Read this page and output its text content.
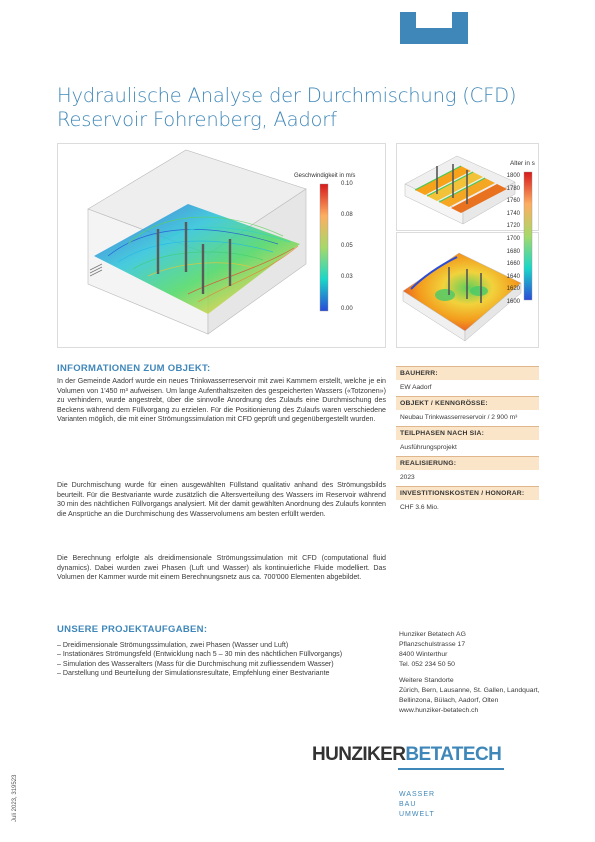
Hydraulische Analyse der Durchmischung (CFD)
Reservoir Fohrenberg, Aadorf
Geschwindigkeit in m/s
0.10
0.08
0.05
0.03
0.00
Alter in s
1800
1780
1760
1740
1720
1700
1680
1660
1640
1620
1600
INFORMATIONEN ZUM OBJEKT:

In der Gemeinde Aadorf wurde ein neues Trinkwasserreservoir mit zwei Kammern erstellt, welche je ein Volumen von 1'450 m³ aufweisen. Um lange Aufenthaltszeiten des gespeicherten Wassers («Totzonen») zu verhindern, wurde angestrebt, über die sinnvolle Anordnung des Zulaufs eine Durchmischung des Beckens während dem Füllvorgang zu erzielen. Für die Positionierung des Zulaufs waren verschiedene Varianten möglich, die mit einer Strömungssimulation mit CFD geprüft und gegenübergestellt wurden.

Die Durchmischung wurde für einen ausgewählten Füllstand qualitativ anhand des Strömungsbilds beurteilt. Für die Bestvariante wurde zusätzlich die Altersverteilung des Wassers im Reservoir während 30 min des nächtlichen Füllvorgangs analysiert. Mit der damit gewählten Anordnung des Zulaufs konnten die Ansprüche an die Durchmischung des Wasservolumens am besten erfüllt werden.

Die Berechnung erfolgte als dreidimensionale Strömungssimulation mit CFD (computational fluid dynamics). Dabei wurden zwei Phasen (Luft und Wasser) als kontinuierliche Fluide modelliert. Das Volumen der Kammer wurde mit einem Berechnungsnetz aus ca. 700'000 Elementen abgebildet.

BAUHERR:
EW Aadorf
OBJEKT / KENNGRÖSSE:
Neubau Trinkwasserreservoir / 2 900 m³
TEILPHASEN NACH SIA:
Ausführungsprojekt
REALISIERUNG:
2023
INVESTITIONSKOSTEN / HONORAR:
CHF 3.6 Mio.
UNSERE PROJEKTAUFGABEN:
– Dreidimensionale Strömungssimulation, zwei Phasen (Wasser und Luft)
– Instationäres Strömungsfeld (Entwicklung nach 5 – 30 min des nächtlichen Füllvorgangs)
– Simulation des Wasseralters (Mass für die Durchmischung mit zufliessendem Wasser)
– Darstellung und Beurteilung der Simulationsresultate, Empfehlung einer Bestvariante
Hunziker Betatech AG
Pflanzschulstrasse 17
8400 Winterthur
Tel. 052 234 50 50
Weitere Standorte
Zürich, Bern, Lausanne, St. Gallen, Landquart, Bellinzona, Bülach, Aadorf, Olten
www.hunziker-betatech.ch
HUNZIKERBETATECH
WASSER
BAU
UMWELT
Juli 2023, 319523
